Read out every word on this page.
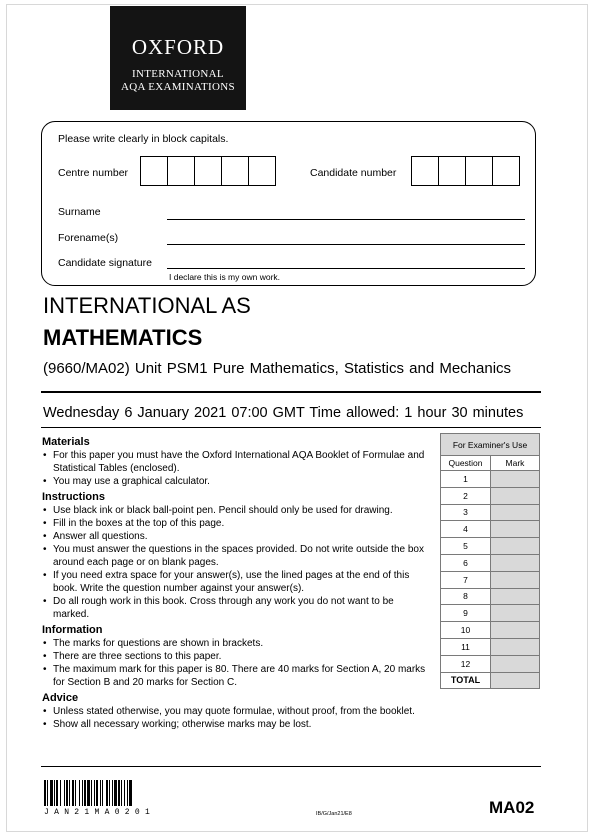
OXFORD
INTERNATIONAL
AQA EXAMINATIONS
Please write clearly in block capitals.
Centre number	Candidate number
Surname
Forename(s)
Candidate signature
I declare this is my own work.
INTERNATIONAL AS
MATHEMATICS
(9660/MA02) Unit PSM1 Pure Mathematics, Statistics and Mechanics
Wednesday 6 January 2021 07:00 GMT Time allowed: 1 hour 30 minutes
Materials
• For this paper you must have the Oxford International AQA Booklet of Formulae and Statistical Tables (enclosed).
• You may use a graphical calculator.
Instructions
• Use black ink or black ball-point pen. Pencil should only be used for drawing.
• Fill in the boxes at the top of this page.
• Answer all questions.
• You must answer the questions in the spaces provided. Do not write outside the box around each page or on blank pages.
• If you need extra space for your answer(s), use the lined pages at the end of this book. Write the question number against your answer(s).
• Do all rough work in this book. Cross through any work you do not want to be marked.
Information
• The marks for questions are shown in brackets.
• There are three sections to this paper.
• The maximum mark for this paper is 80. There are 40 marks for Section A, 20 marks for Section B and 20 marks for Section C.
Advice
• Unless stated otherwise, you may quote formulae, without proof, from the booklet.
• Show all necessary working; otherwise marks may be lost.
For Examiner's Use	
Question	Mark
1	
2	
3	
4	
5	
6	
7	
8	
9	
10	
11	
12	
TOTAL	
JAN21MA0201	IB/G/Jan21/E8	MA02
